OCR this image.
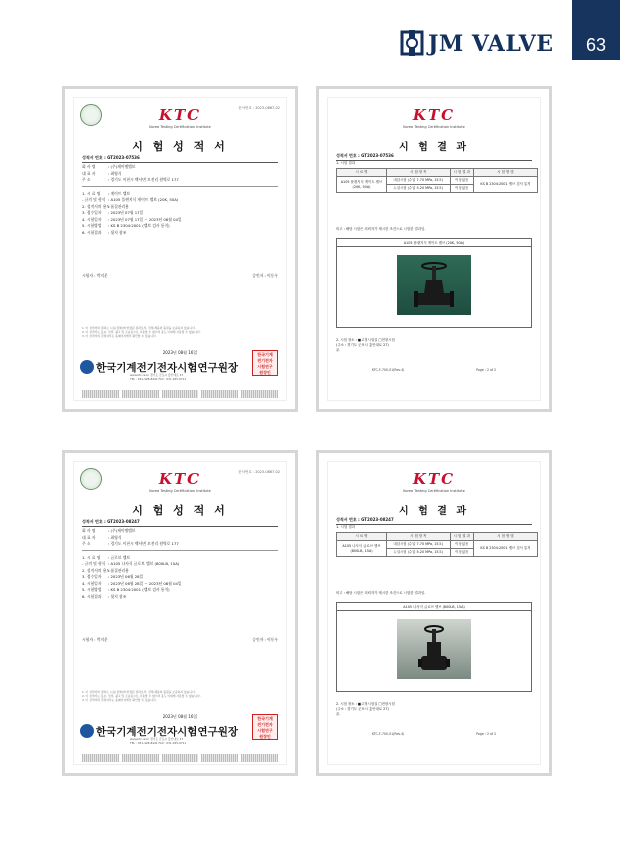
JM VALVE	63
KTC
Korea Testing Certification Institute
문서번호 : 2023-0867-02
시 험 성 적 서
성적서 번호 : GT2023-07536
회 사 명	: (주)제이엠밸브
대 표 자	: 최영식
주 소	: 경기도 이천시 백사면 모전리 원벽로 177
1. 시 료 명 : 게이트 밸브
- 규격 및 형식 : A105 플랜지식 게이트 밸브 (20K, 50A)
2. 성적서의 용도: 품질관리용
3. 접수일자 : 2023년 07월 17일
4. 시험일자 : 2023년 07월 17일 ~ 2023년 08월 04일
5. 시험방법 : KS B 2304:2001 (밸브 검사 통칙)
6. 시험결과 : 뒷지 참조
시험자 : 박지운	승인자 : 이동우
1. 이 성적서의 결과는 시료(검체)에 한정된 결과로서, 전체 제품의 품질을 보증하지 않습니다.
2. 이 성적서는 홍보, 선전, 광고 및 소송용으로 사용할 수 없으며 용도 이외에 사용할 수 없습니다.
3. 이 성적서의 진위여부는 홈페이지에서 확인할 수 있습니다.
2023년 08월 16일
한국기계전기전자시험연구원장
www.ktc.re.kr 경기도 군포시 흥안대로 27
TEL : 031-428-8441 FAX : 031-455-9711
한국기계
전기전자
시험연구
원장인
KTC
Korea Testing Certification Institute
시 험 결 과
성적서 번호 : GT2023-07536
1. 시험 결과
시 료 명	시 험 항 목	시 험 결 과	시 험 방 법
A105 플랜지식 게이트 밸브 (20K, 50A)	내압시험 (수압 7.70 MPa, 15초)	이상없음	KS B 2304:2001 밸브 검사 통칙
	누설시험 (수압 5.20 MPa, 15초)	이상없음	
비고 : 해당 시험은 의뢰자가 제시한 조건으로 시험한 결과임.
A105 플랜지식 게이트 밸브 (20K, 50A)
2. 시험 장소 : ■고정시험실 □현장시험
(주소 : 경기도 군포시 흥안대로 27)
끝.
KTC-F-700-01(Rev.4)	Page : 2 of 2
KTC
Korea Testing Certification Institute
문서번호 : 2023-0867-02
시 험 성 적 서
성적서 번호 : GT2023-08247
회 사 명	: (주)제이엠밸브
대 표 자	: 최영식
주 소	: 경기도 이천시 백사면 모전리 원벽로 177
1. 시 료 명 : 글로브 밸브
- 규격 및 형식 : A105 나사식 글로브 밸브 (800LB, 15A)
2. 성적서의 용도: 품질관리용
3. 접수일자 : 2023년 06월 28일
4. 시험일자 : 2023년 06월 28일 ~ 2023년 08월 04일
5. 시험방법 : KS B 2304:2001 (밸브 검사 통칙)
6. 시험결과 : 뒷지 참조
시험자 : 박지운	승인자 : 이동우
1. 이 성적서의 결과는 시료(검체)에 한정된 결과로서, 전체 제품의 품질을 보증하지 않습니다.
2. 이 성적서는 홍보, 선전, 광고 및 소송용으로 사용할 수 없으며 용도 이외에 사용할 수 없습니다.
3. 이 성적서의 진위여부는 홈페이지에서 확인할 수 있습니다.
2023년 08월 16일
한국기계전기전자시험연구원장
www.ktc.re.kr 경기도 군포시 흥안대로 27
TEL : 031-428-8441 FAX : 031-455-9711
한국기계
전기전자
시험연구
원장인
KTC
Korea Testing Certification Institute
시 험 결 과
성적서 번호 : GT2023-08247
1. 시험 결과
시 료 명	시 험 항 목	시 험 결 과	시 험 방 법
A105 나사식 글로브 밸브 (800LB, 15A)	내압시험 (수압 7.70 MPa, 15초)	이상없음	KS B 2304:2001 밸브 검사 통칙
	누설시험 (수압 5.20 MPa, 15초)	이상없음	
비고 : 해당 시험은 의뢰자가 제시한 조건으로 시험한 결과임.
A105 나사식 글로브 밸브 (800LB, 15A)
2. 시험 장소 : ■고정시험실 □현장시험
(주소 : 경기도 군포시 흥안대로 27)
끝.
KTC-F-700-01(Rev.4)	Page : 2 of 2
